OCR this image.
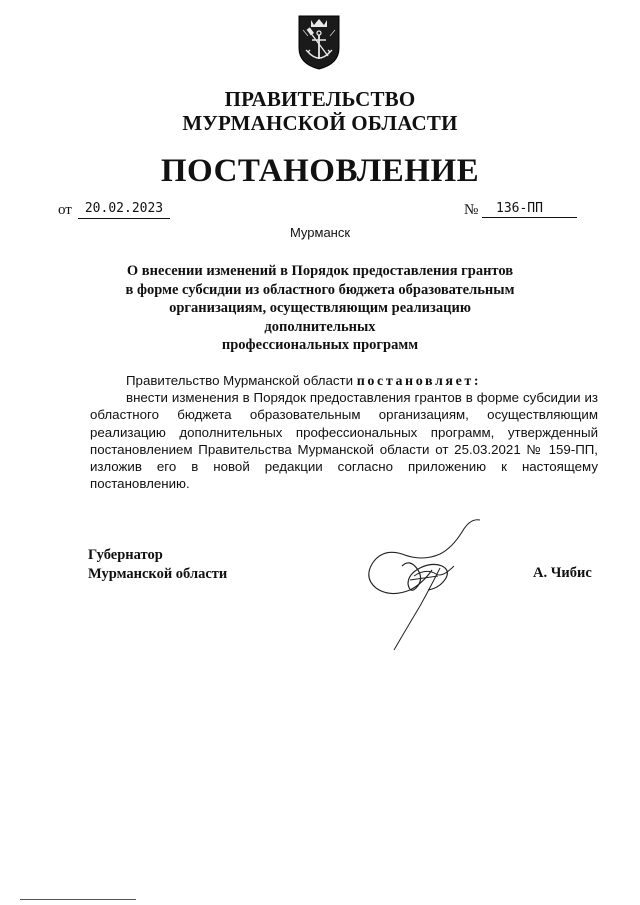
ПРАВИТЕЛЬСТВО
МУРМАНСКОЙ ОБЛАСТИ
ПОСТАНОВЛЕНИЕ
от	20.02.2023	№	136-ПП
Мурманск
О внесении изменений в Порядок предоставления грантов
в форме субсидии из областного бюджета образовательным
организациям, осуществляющим реализацию дополнительных
профессиональных программ
Правительство Мурманской области постановляет:
внести изменения в Порядок предоставления грантов в форме субсидии из областного бюджета образовательным организациям, осуществляющим реализацию дополнительных профессиональных программ, утвержденный постановлением Правительства Мурманской области от 25.03.2021 № 159-ПП, изложив его в новой редакции согласно приложению к настоящему постановлению.
Губернатор
Мурманской области	А. Чибис
